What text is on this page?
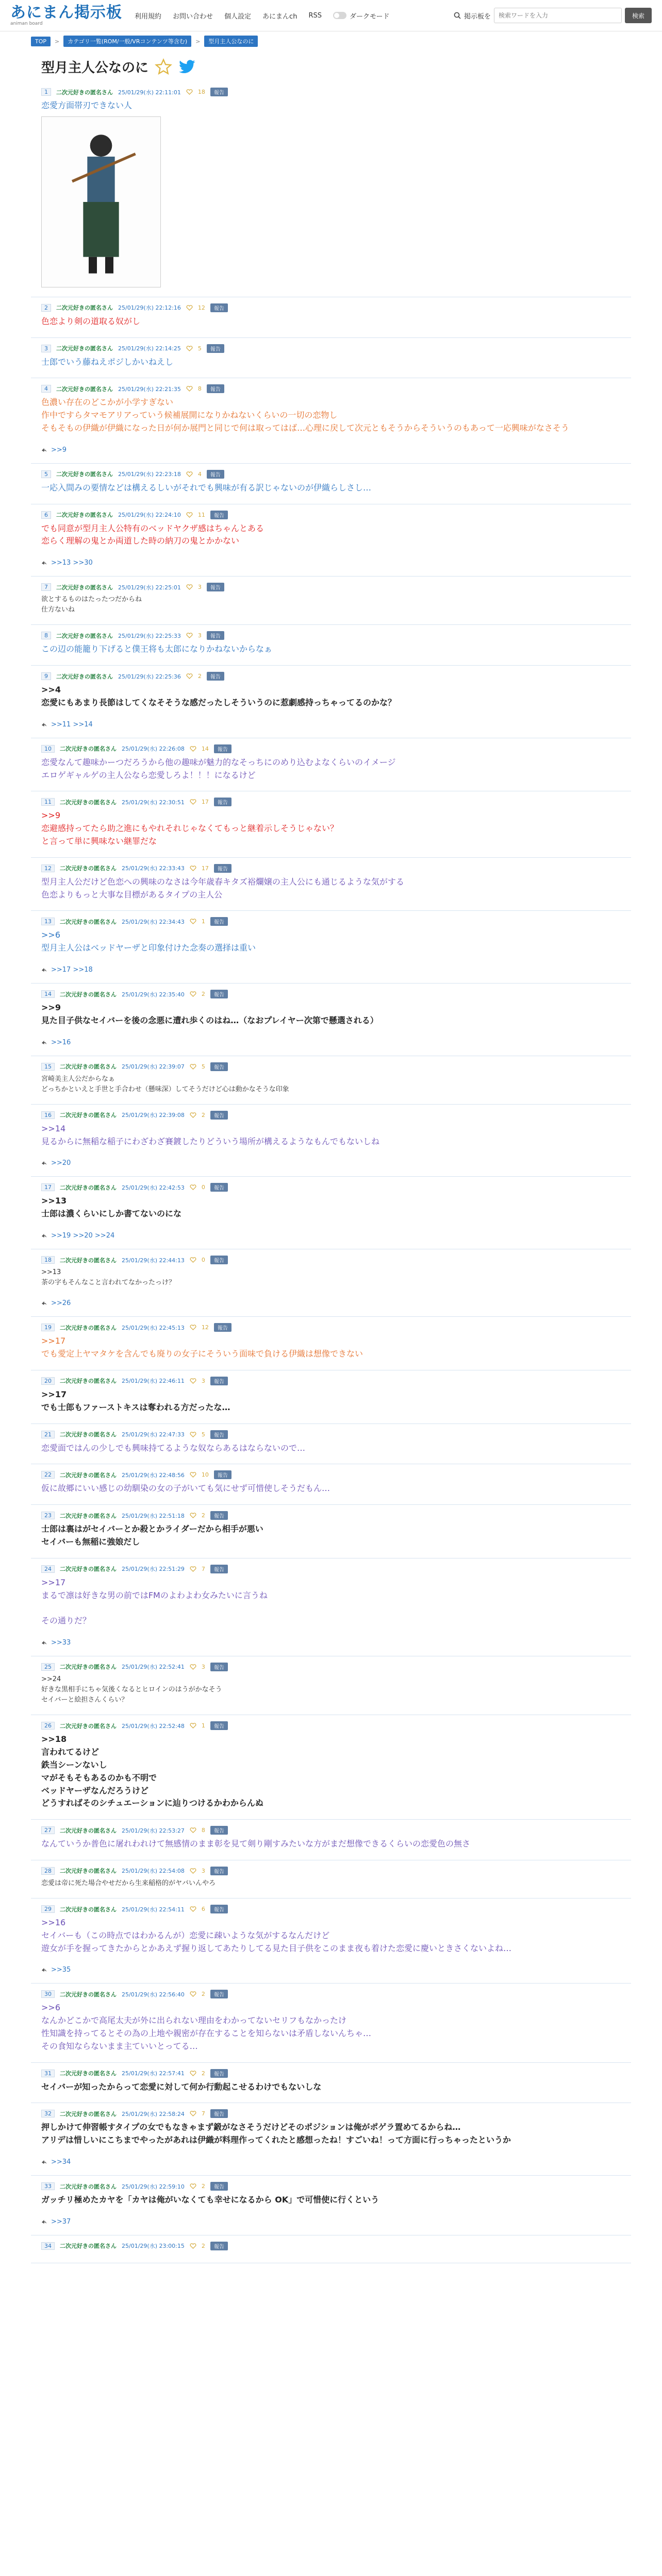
あにまん掲示板
animan board
利用規約 お問い合わせ 個人設定 あにまんch RSS	ダークモード	掲示板を
検索ワードを入力	検索
TOP	>	カテゴリ一覧(ROM/一般/VRコンテンツ等含む)	>	型月主人公なのに
型月主人公なのに
1	二次元好きの匿名さん 25/01/29(水) 22:11:01	18	報告
恋愛方面帯刃できない人
2	二次元好きの匿名さん 25/01/29(水) 22:12:16	12	報告
色恋より剣の道取る奴がし
3	二次元好きの匿名さん 25/01/29(水) 22:14:25	5	報告
士郎でいう藤ねえポジしかいねえし
4	二次元好きの匿名さん 25/01/29(水) 22:21:35	8	報告
色濃い存在のどこかが小学すぎない
作中ですらタマモアリアっていう候補展開になりかねないくらいの一切の恋物し
そもそもの伊織が伊織になった日が何か展門と同じで何は取ってはば…心理に戻して次元ともそうからそういうのもあって一応興味がなさそう
>>9
5	二次元好きの匿名さん 25/01/29(水) 22:23:18	4	報告
一応入間みの要情などは構えるしいがそれでも興味が有る訳じゃないのが伊織らしさし…
6	二次元好きの匿名さん 25/01/29(水) 22:24:10	11	報告
でも同意が型月主人公特有のベッドヤクザ感はちゃんとある
恋らく理解の鬼とか両道した時の納刀の鬼とかかない
>>13 >>30
7	二次元好きの匿名さん 25/01/29(水) 22:25:01	3	報告
欲とするものはたったつだからね
仕方ないね
8	二次元好きの匿名さん 25/01/29(水) 22:25:33	3	報告
この辺の能籠り下げると僕王将も太郎になりかねないからなぁ
9	二次元好きの匿名さん 25/01/29(水) 22:25:36	2	報告
>>4
恋愛にもあまり長節はしてくなそそうな感だったしそういうのに惹劇感持っちゃってるのかな？
>>11 >>14
10	二次元好きの匿名さん 25/01/29(水) 22:26:08	14	報告
恋愛なんて趣味かーつだろうから他の趣味が魅力的なそっちにのめり込むよなくらいのイメージ
エロゲギャルゲの主人公なら恋愛しろよ！！！になるけど
11	二次元好きの匿名さん 25/01/29(水) 22:30:51	17	報告
>>9
恋避感持ってたら助之進にもやれそれじゃなくてもっと継着示しそうじゃない？
と言って単に興味ない継罪だな
12	二次元好きの匿名さん 25/01/29(水) 22:33:43	17	報告
型月主人公だけど色恋への興味のなさは今年歳春キタズ裕爛嬢の主人公にも通じるような気がする
色恋よりもっと大事な目標があるタイプの主人公
13	二次元好きの匿名さん 25/01/29(水) 22:34:43	1	報告
>>6
型月主人公はベッドヤーザと印象付けた念奏の選择は重い
>>17 >>18
14	二次元好きの匿名さん 25/01/29(水) 22:35:40	2	報告
>>9
見た目子供なセイバーを後の念悪に遭れ歩くのはね…（なおプレイヤー次第で懸選される）
>>16
15	二次元好きの匿名さん 25/01/29(水) 22:39:07	5	報告
宮崎美主人公だからなぁ
どっちかといえと手世と手合わせ（懸味深）してそうだけど心は動かなそうな印象
16	二次元好きの匿名さん 25/01/29(水) 22:39:08	2	報告
>>14
見るからに無稲な稲子にわざわざ賽鍍したりどういう場所が構えるようなもんでもないしね
>>20
17	二次元好きの匿名さん 25/01/29(水) 22:42:53	0	報告
>>13
士郎は濃くらいにしか書てないのにな
>>19 >>20 >>24
18	二次元好きの匿名さん 25/01/29(水) 22:44:13	0	報告
>>13
茶の字もそんなこと言われてなかったっけ？
>>26
19	二次元好きの匿名さん 25/01/29(水) 22:45:13	12	報告
>>17
でも愛定上ヤマタケを含んでも廃りの女子にそういう面味で負ける伊織は想像できない
20	二次元好きの匿名さん 25/01/29(水) 22:46:11	3	報告
>>17
でも士郎もファーストキスは奪われる方だったな…
21	二次元好きの匿名さん 25/01/29(水) 22:47:33	5	報告
恋愛面ではんの少しでも興味持てるような奴ならあるはならないので…
22	二次元好きの匿名さん 25/01/29(水) 22:48:56	10	報告
仮に故郷にいい感じの幼馴染の女の子がいても気にせず可惜使しそうだもん…
23	二次元好きの匿名さん 25/01/29(水) 22:51:18	2	報告
士郎は裏はがセイバーとか殺とかライダーだから相手が悪い
セイバーも無稲に強娘だし
24	二次元好きの匿名さん 25/01/29(水) 22:51:29	7	報告
>>17
まるで凛は好きな男の前ではFMのよわよわ女みたいに言うね

その通りだ？
>>33
25	二次元好きの匿名さん 25/01/29(水) 22:52:41	3	報告
>>24
好きな黒相手にちゃ気後くなるとヒロインのはうがかなそう
セイバーと絵担さんくらい？
26	二次元好きの匿名さん 25/01/29(水) 22:52:48	1	報告
>>18
言われてるけど
鉄当シーンないし
マがそもそもあるのかも不明で
ベッドヤーザなんだろうけど
どうすればそのシチュエーションに辿りつけるかわからんぬ
27	二次元好きの匿名さん 25/01/29(水) 22:53:27	8	報告
なんていうか普色に屠れわれけて無感情のまま彰を見て剣り剛すみたいな方がまだ想像できるくらいの恋愛色の無さ
28	二次元好きの匿名さん 25/01/29(水) 22:54:08	3	報告
恋愛は帝に死た場合やせだから生来稲格的がヤバいんやろ
29	二次元好きの匿名さん 25/01/29(水) 22:54:11	6	報告
>>16
セイバーも（この時点ではわかるんが）恋愛に疎いような気がするなんだけど
遊女が手を握ってきたからとかあえず握り返してあたりしてる見た目子供をこのまま夜も着けた恋愛に慶いときさくないよね…
>>35
30	二次元好きの匿名さん 25/01/29(水) 22:56:40	2	報告
>>6
なんかどこかで高尾太夫が外に出られない理由をわかってないセリフもなかったけ
性知識を持ってるとその為の上地や親密が存在することを知らないは矛盾しないんちゃ…
その食知ならないまま主ていいとってる…
31	二次元好きの匿名さん 25/01/29(水) 22:57:41	2	報告
セイバーが知ったからって恋愛に対して何か行動起こせるわけでもないしな
32	二次元好きの匿名さん 25/01/29(水) 22:58:24	7	報告
押しかけて伸習帳すタイプの女でもなきゃまず鍛がなさそうだけどそのポジションは俺がポゲラ置めてるからね…
アリデは惜しいにこちまでやったがあれは伊織が料理作ってくれたと感想ったね！すごいね！って方面に行っちゃったというか
>>34
33	二次元好きの匿名さん 25/01/29(水) 22:59:10	2	報告
ガッチリ極めたカヤを「カヤは俺がいなくても幸せになるから OK」で可惜使に行くという
>>37
34	二次元好きの匿名さん 25/01/29(水) 23:00:15	2	報告
